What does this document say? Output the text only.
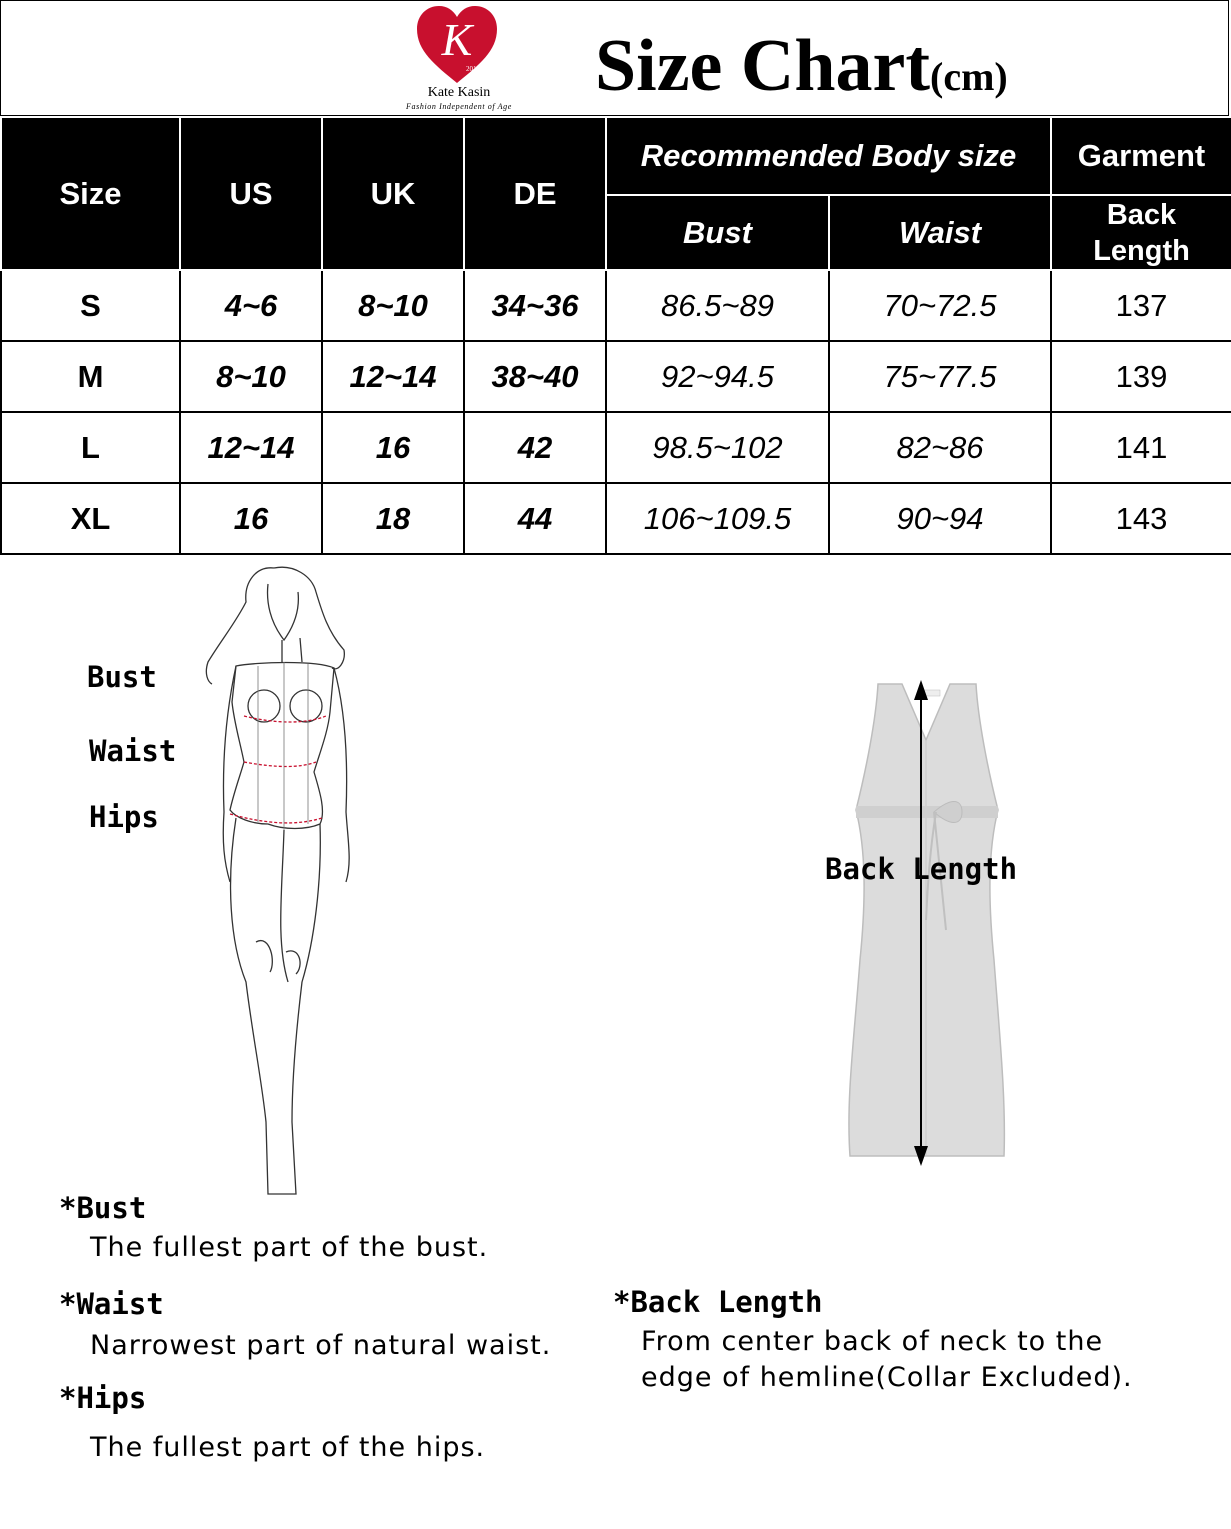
K
2015
Kate Kasin
Fashion Independent of Age Size Chart(cm)
Size	US	UK	DE	Recommended Body size		Garment
				Bust	Waist	Back
Length
S	4~6	8~10	34~36	86.5~89	70~72.5	137
M	8~10	12~14	38~40	92~94.5	75~77.5	139
L	12~14	16	42	98.5~102	82~86	141
XL	16	18	44	106~109.5	90~94	143
Bust
Waist
Hips
Back Length
*Bust
The fullest part of the bust.
*Waist
Narrowest part of natural waist.
*Hips
The fullest part of the hips.
*Back Length
From center back of neck to the
edge of hemline(Collar Excluded).
